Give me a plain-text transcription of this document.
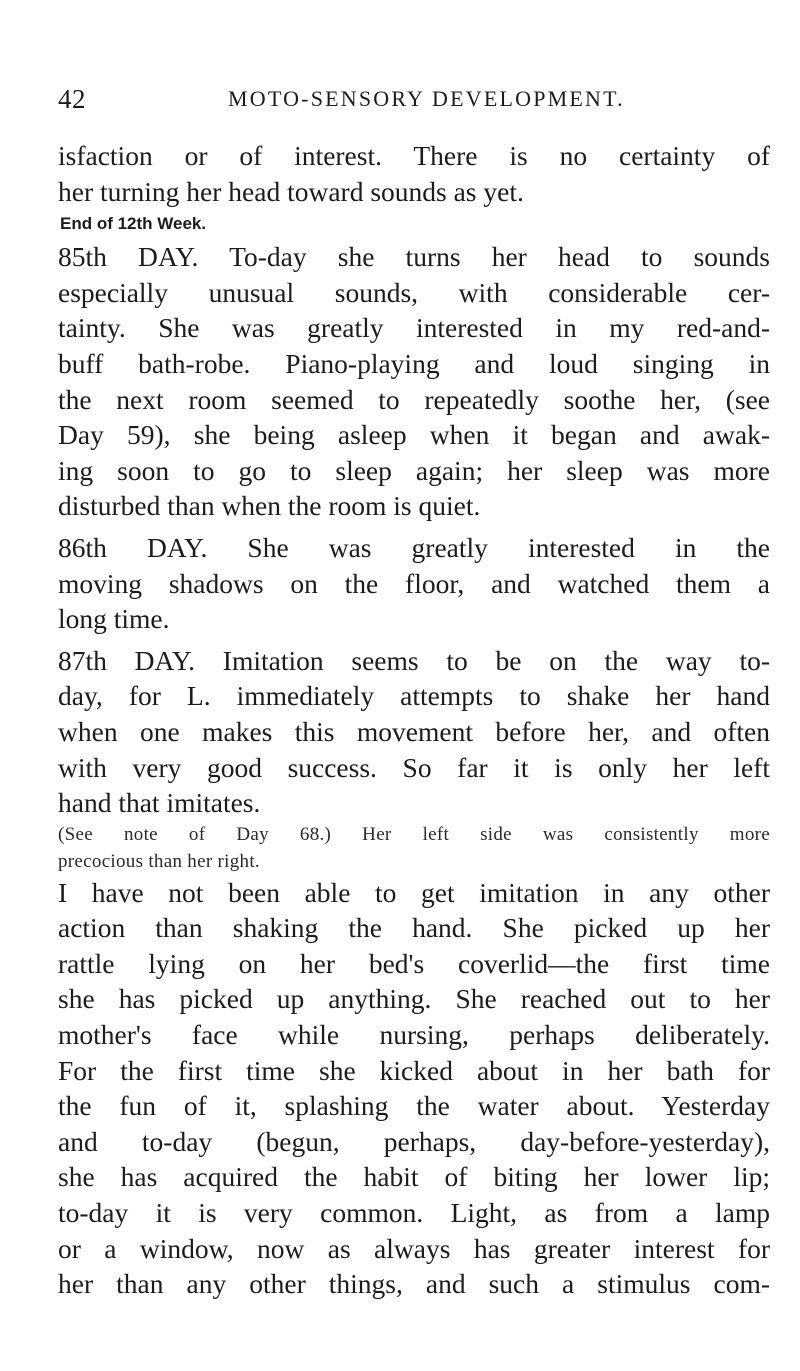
42	MOTO-SENSORY DEVELOPMENT.

isfaction or of interest. There is no certainty of
her turning her head toward sounds as yet.

End of 12th Week.

85th DAY. To-day she turns her head to sounds
especially unusual sounds, with considerable cer-
tainty. She was greatly interested in my red-and-
buff bath-robe. Piano-playing and loud singing in
the next room seemed to repeatedly soothe her, (see
Day 59), she being asleep when it began and awak-
ing soon to go to sleep again; her sleep was more
disturbed than when the room is quiet.

86th DAY. She was greatly interested in the
moving shadows on the floor, and watched them a
long time.

87th DAY. Imitation seems to be on the way to-
day, for L. immediately attempts to shake her hand
when one makes this movement before her, and often
with very good success. So far it is only her left
hand that imitates.

(See note of Day 68.) Her left side was consistently more
precocious than her right.

I have not been able to get imitation in any other
action than shaking the hand. She picked up her
rattle lying on her bed's coverlid—the first time
she has picked up anything. She reached out to her
mother's face while nursing, perhaps deliberately.
For the first time she kicked about in her bath for
the fun of it, splashing the water about. Yesterday
and to-day (begun, perhaps, day-before-yesterday),
she has acquired the habit of biting her lower lip;
to-day it is very common. Light, as from a lamp
or a window, now as always has greater interest for
her than any other things, and such a stimulus com-
